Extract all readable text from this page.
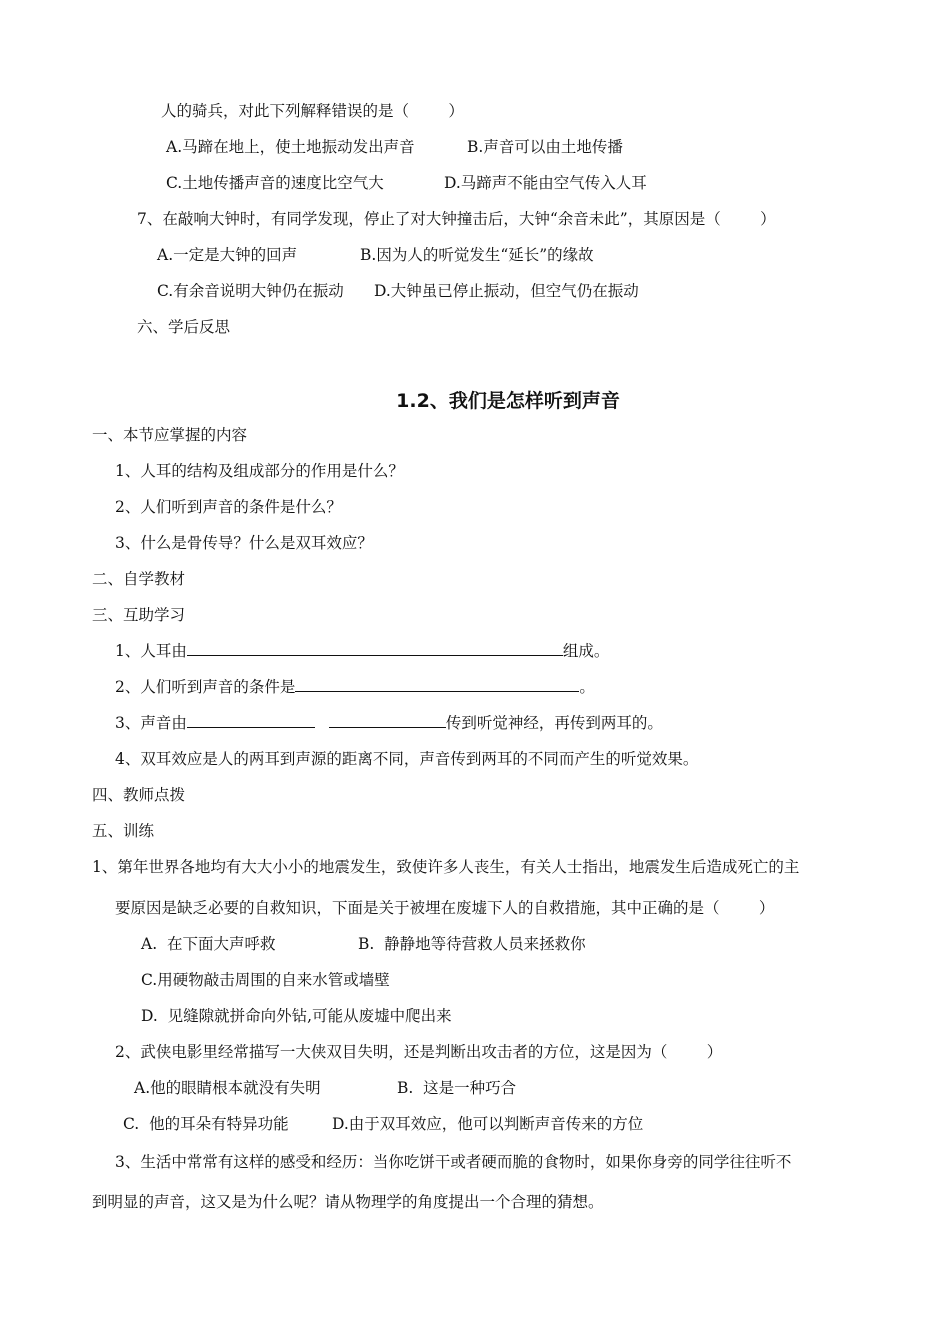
人的骑兵，对此下列解释错误的是（        ）
A.马蹄在地上，使土地振动发出声音	B.声音可以由土地传播
C.土地传播声音的速度比空气大	D.马蹄声不能由空气传入人耳
7、在敲响大钟时，有同学发现，停止了对大钟撞击后，大钟“余音未此”，其原因是（        ）
A.一定是大钟的回声	B.因为人的听觉发生“延长”的缘故
C.有余音说明大钟仍在振动 D.大钟虽已停止振动，但空气仍在振动
六、学后反思
1.2、我们是怎样听到声音
一、本节应掌握的内容
1、人耳的结构及组成部分的作用是什么？
2、人们听到声音的条件是什么？
3、什么是骨传导？什么是双耳效应？
二、自学教材
三、互助学习
1、人耳由	组成。
2、人们听到声音的条件是	。
3、声音由	传到听觉神经，再传到两耳的。
4、双耳效应是人的两耳到声源的距离不同，声音传到两耳的不同而产生的听觉效果。
四、教师点拨
五、训练
1、第年世界各地均有大大小小的地震发生，致使许多人丧生，有关人士指出，地震发生后造成死亡的主
要原因是缺乏必要的自救知识，下面是关于被埋在废墟下人的自救措施，其中正确的是（        ）
A.  在下面大声呼救	B.  静静地等待营救人员来拯救你
C.用硬物敲击周围的自来水管或墙壁
D.  见缝隙就拼命向外钻,可能从废墟中爬出来
2、武侠电影里经常描写一大侠双目失明，还是判断出攻击者的方位，这是因为（        ）
A.他的眼睛根本就没有失明	B.  这是一种巧合
C.  他的耳朵有特异功能	D.由于双耳效应，他可以判断声音传来的方位
3、生活中常常有这样的感受和经历：当你吃饼干或者硬而脆的食物时，如果你身旁的同学往往听不
到明显的声音，这又是为什么呢？请从物理学的角度提出一个合理的猜想。
